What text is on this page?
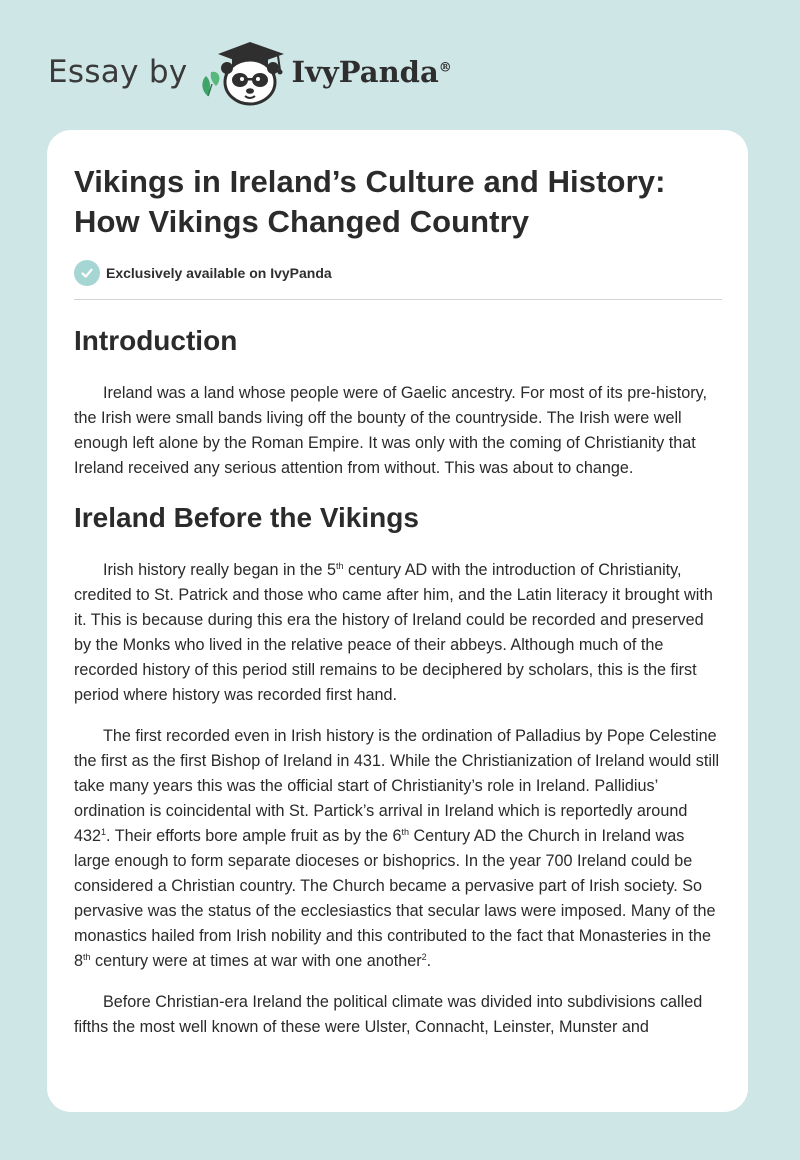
Essay by	IvyPanda®
Vikings in Ireland’s Culture and History:
How Vikings Changed Country
Exclusively available on IvyPanda
Introduction

Ireland was a land whose people were of Gaelic ancestry. For most of its pre-history, the Irish were small bands living off the bounty of the countryside. The Irish were well enough left alone by the Roman Empire. It was only with the coming of Christianity that Ireland received any serious attention from without. This was about to change.

Ireland Before the Vikings

Irish history really began in the 5th century AD with the introduction of Christianity, credited to St. Patrick and those who came after him, and the Latin literacy it brought with it. This is because during this era the history of Ireland could be recorded and preserved by the Monks who lived in the relative peace of their abbeys. Although much of the recorded history of this period still remains to be deciphered by scholars, this is the first period where history was recorded first hand.

The first recorded even in Irish history is the ordination of Palladius by Pope Celestine the first as the first Bishop of Ireland in 431. While the Christianization of Ireland would still take many years this was the official start of Christianity’s role in Ireland. Pallidius’ ordination is coincidental with St. Partick’s arrival in Ireland which is reportedly around $432^1$. Their efforts bore ample fruit as by the 6th Century AD the Church in Ireland was large enough to form separate dioceses or bishoprics. In the year 700 Ireland could be considered a Christian country. The Church became a pervasive part of Irish society. So pervasive was the status of the ecclesiastics that secular laws were imposed. Many of the monastics hailed from Irish nobility and this contributed to the fact that Monasteries in the 8th century were at times at war with one another$^2$.

Before Christian-era Ireland the political climate was divided into subdivisions called fifths the most well known of these were Ulster, Connacht, Leinster, Munster and
